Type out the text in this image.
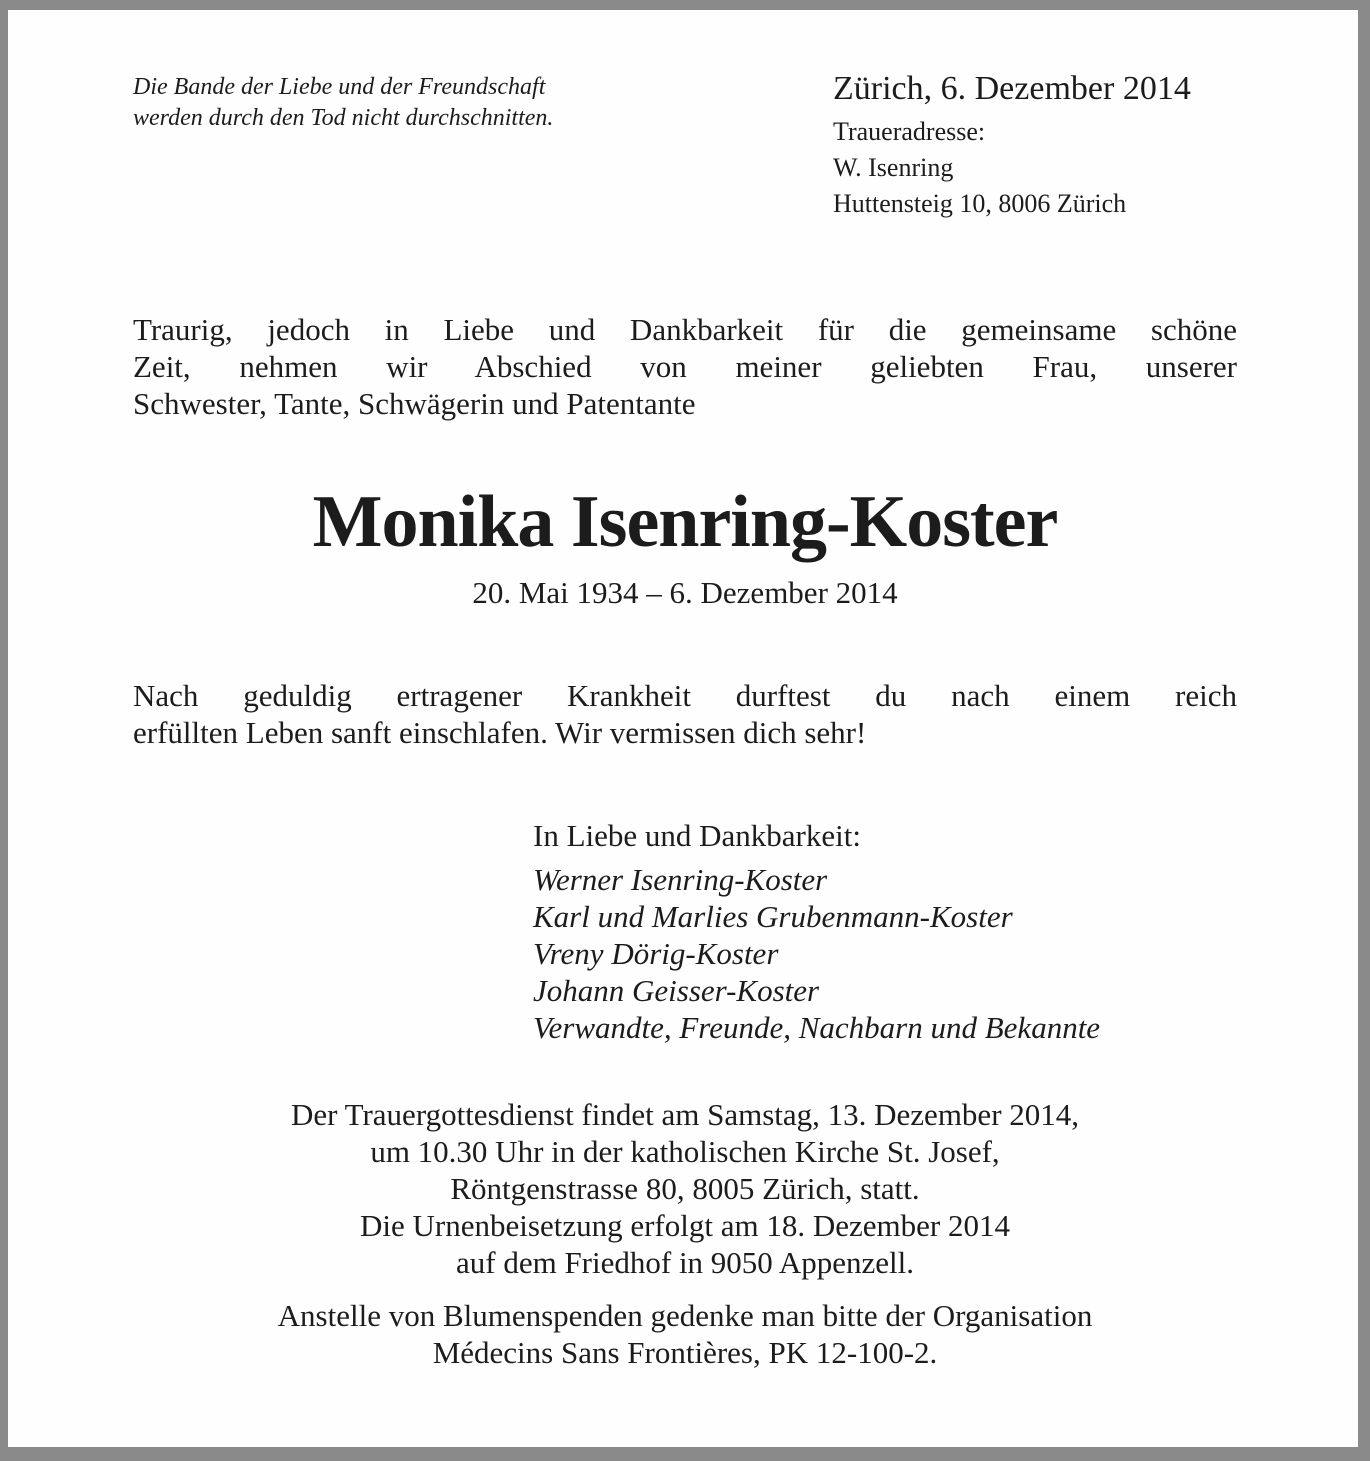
Die Bande der Liebe und der Freundschaft
werden durch den Tod nicht durchschnitten.
Zürich, 6. Dezember 2014
Traueradresse:
W. Isenring
Huttensteig 10, 8006 Zürich
Traurig, jedoch in Liebe und Dankbarkeit für die gemeinsame schöne
Zeit, nehmen wir Abschied von meiner geliebten Frau, unserer
Schwester, Tante, Schwägerin und Patentante
Monika Isenring-Koster
20. Mai 1934 – 6. Dezember 2014
Nach geduldig ertragener Krankheit durftest du nach einem reich
erfüllten Leben sanft einschlafen. Wir vermissen dich sehr!
In Liebe und Dankbarkeit:
Werner Isenring-Koster
Karl und Marlies Grubenmann-Koster
Vreny Dörig-Koster
Johann Geisser-Koster
Verwandte, Freunde, Nachbarn und Bekannte
Der Trauergottesdienst findet am Samstag, 13. Dezember 2014,
um 10.30 Uhr in der katholischen Kirche St. Josef,
Röntgenstrasse 80, 8005 Zürich, statt.
Die Urnenbeisetzung erfolgt am 18. Dezember 2014
auf dem Friedhof in 9050 Appenzell.
Anstelle von Blumenspenden gedenke man bitte der Organisation
Médecins Sans Frontières, PK 12-100-2.
